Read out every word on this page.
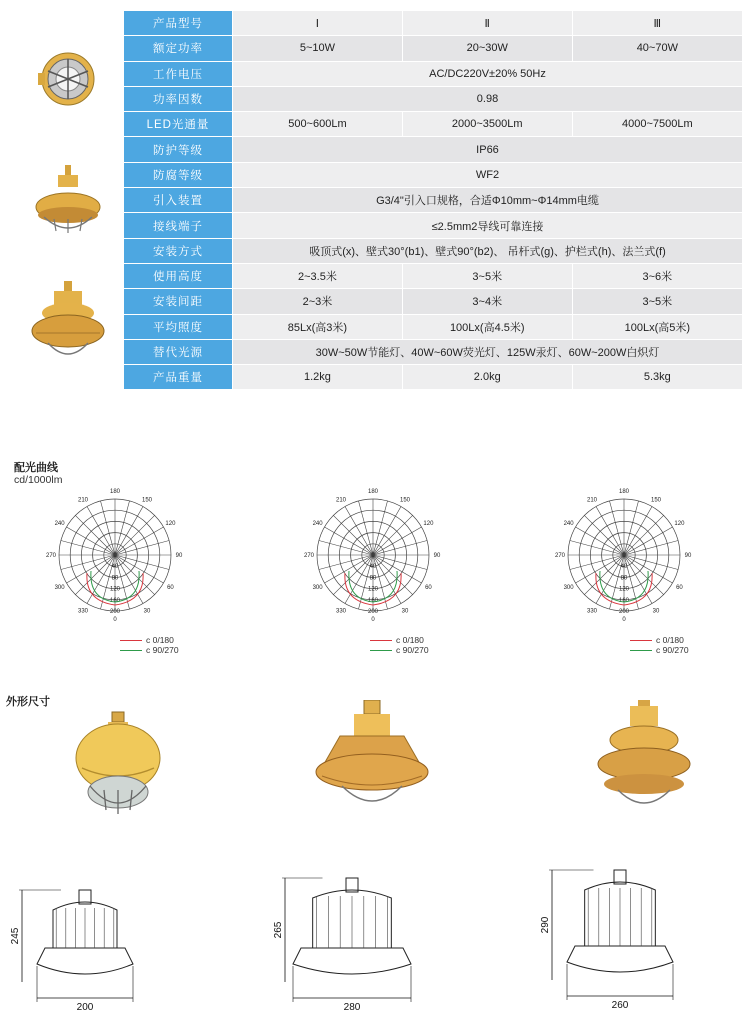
产品型号	Ⅰ	Ⅱ	Ⅲ
额定功率	5~10W	20~30W	40~70W
工作电压	AC/DC220V±20% 50Hz		
功率因数	0.98		
LED光通量	500~600Lm	2000~3500Lm	4000~7500Lm
防护等级	IP66		
防腐等级	WF2		
引入装置	G3/4"引入口规格，合适Φ10mm~Φ14mm电缆		
接线端子	≤2.5mm2导线可靠连接		
安装方式	吸顶式(x)、壁式30°(b1)、壁式90°(b2)、 吊杆式(g)、护栏式(h)、法兰式(f)		
使用高度	2~3.5米	3~5米	3~6米
安装间距	2~3米	3~4米	3~5米
平均照度	85Lx(高3米)	100Lx(高4.5米)	100Lx(高5米)
替代光源	30W~50W节能灯、40W~60W荧光灯、125W汞灯、60W~200W白炽灯		
产品重量	1.2kg	2.0kg	5.3kg
配光曲线
cd/1000lm
180
150
120
90
60
30
0
330
300
270
240
210
40
80
120
160
200
0
180
150
120
90
60
30
0
330
300
270
240
210
40
80
120
160
200
0
180
150
120
90
60
30
0
330
300
270
240
210
40
80
120
160
200
0
c 0/180
c 90/270
c 0/180
c 90/270
c 0/180
c 90/270
外形尺寸
245
200
265
280
290
260
